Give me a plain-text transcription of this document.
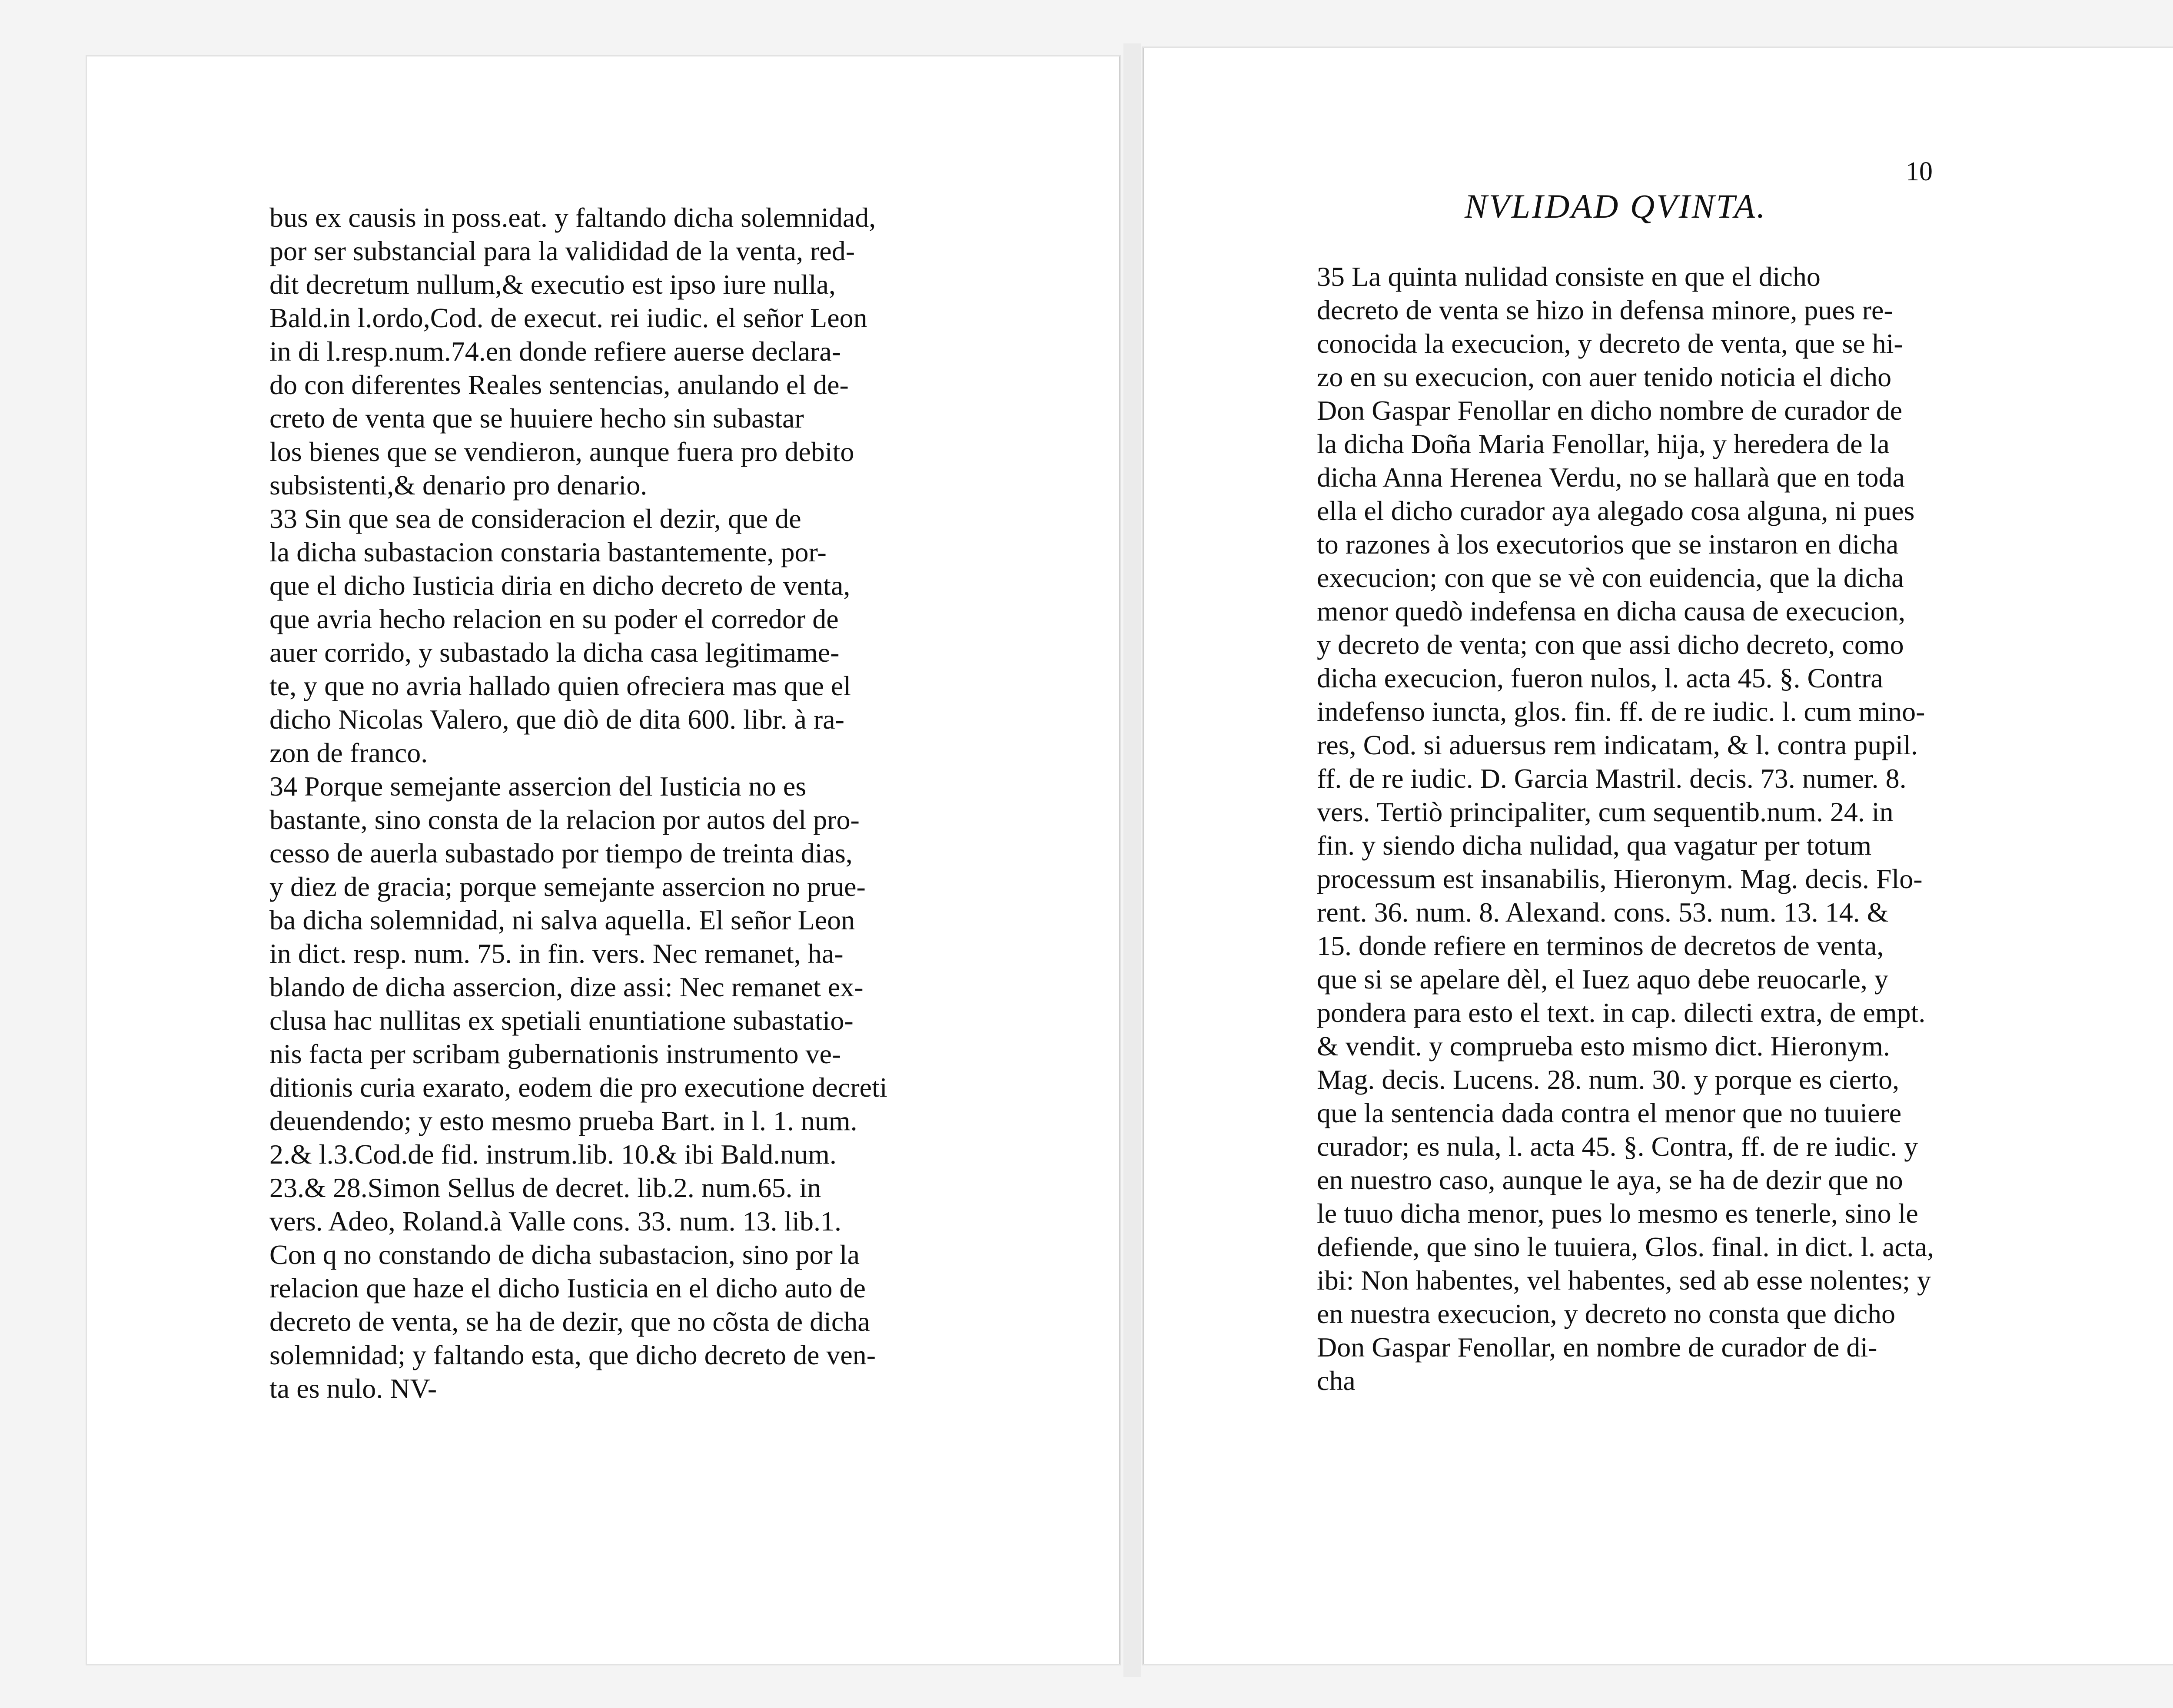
10
NVLIDAD QVINTA.
bus ex causis in poss.eat. y faltando dicha solemnidad,
por ser substancial para la valididad de la venta, red-
dit decretum nullum,& executio est ipso iure nulla,
Bald.in l.ordo,Cod. de execut. rei iudic. el señor Leon
in di l.resp.num.74.en donde refiere auerse declara-
do con diferentes Reales sentencias, anulando el de-
creto de venta que se huuiere hecho sin subastar
los bienes que se vendieron, aunque fuera pro debito
subsistenti,& denario pro denario.
33 Sin que sea de consideracion el dezir, que de
la dicha subastacion constaria bastantemente, por-
que el dicho Iusticia diria en dicho decreto de venta,
que avria hecho relacion en su poder el corredor de
auer corrido, y subastado la dicha casa legitimame-
te, y que no avria hallado quien ofreciera mas que el
dicho Nicolas Valero, que diò de dita 600. libr. à ra-
zon de franco.
34 Porque semejante assercion del Iusticia no es
bastante, sino consta de la relacion por autos del pro-
cesso de auerla subastado por tiempo de treinta dias,
y diez de gracia; porque semejante assercion no prue-
ba dicha solemnidad, ni salva aquella. El señor Leon
in dict. resp. num. 75. in fin. vers. Nec remanet, ha-
blando de dicha assercion, dize assi: Nec remanet ex-
clusa hac nullitas ex spetiali enuntiatione subastatio-
nis facta per scribam gubernationis instrumento ve-
ditionis curia exarato, eodem die pro executione decreti
deuendendo; y esto mesmo prueba Bart. in l. 1. num.
2.& l.3.Cod.de fid. instrum.lib. 10.& ibi Bald.num.
23.& 28.Simon Sellus de decret. lib.2. num.65. in
vers. Adeo, Roland.à Valle cons. 33. num. 13. lib.1.
Con q no constando de dicha subastacion, sino por la
relacion que haze el dicho Iusticia en el dicho auto de
decreto de venta, se ha de dezir, que no cõsta de dicha
solemnidad; y faltando esta, que dicho decreto de ven-
ta es nulo. NV-
35 La quinta nulidad consiste en que el dicho
decreto de venta se hizo in defensa minore, pues re-
conocida la execucion, y decreto de venta, que se hi-
zo en su execucion, con auer tenido noticia el dicho
Don Gaspar Fenollar en dicho nombre de curador de
la dicha Doña Maria Fenollar, hija, y heredera de la
dicha Anna Herenea Verdu, no se hallarà que en toda
ella el dicho curador aya alegado cosa alguna, ni pues
to razones à los executorios que se instaron en dicha
execucion; con que se vè con euidencia, que la dicha
menor quedò indefensa en dicha causa de execucion,
y decreto de venta; con que assi dicho decreto, como
dicha execucion, fueron nulos, l. acta 45. §. Contra
indefenso iuncta, glos. fin. ff. de re iudic. l. cum mino-
res, Cod. si aduersus rem indicatam, & l. contra pupil.
ff. de re iudic. D. Garcia Mastril. decis. 73. numer. 8.
vers. Tertiò principaliter, cum sequentib.num. 24. in
fin. y siendo dicha nulidad, qua vagatur per totum
processum est insanabilis, Hieronym. Mag. decis. Flo-
rent. 36. num. 8. Alexand. cons. 53. num. 13. 14. &
15. donde refiere en terminos de decretos de venta,
que si se apelare dèl, el Iuez aquo debe reuocarle, y
pondera para esto el text. in cap. dilecti extra, de empt.
& vendit. y comprueba esto mismo dict. Hieronym.
Mag. decis. Lucens. 28. num. 30. y porque es cierto,
que la sentencia dada contra el menor que no tuuiere
curador; es nula, l. acta 45. §. Contra, ff. de re iudic. y
en nuestro caso, aunque le aya, se ha de dezir que no
le tuuo dicha menor, pues lo mesmo es tenerle, sino le
defiende, que sino le tuuiera, Glos. final. in dict. l. acta,
ibi: Non habentes, vel habentes, sed ab esse nolentes; y
en nuestra execucion, y decreto no consta que dicho
Don Gaspar Fenollar, en nombre de curador de di-
cha
